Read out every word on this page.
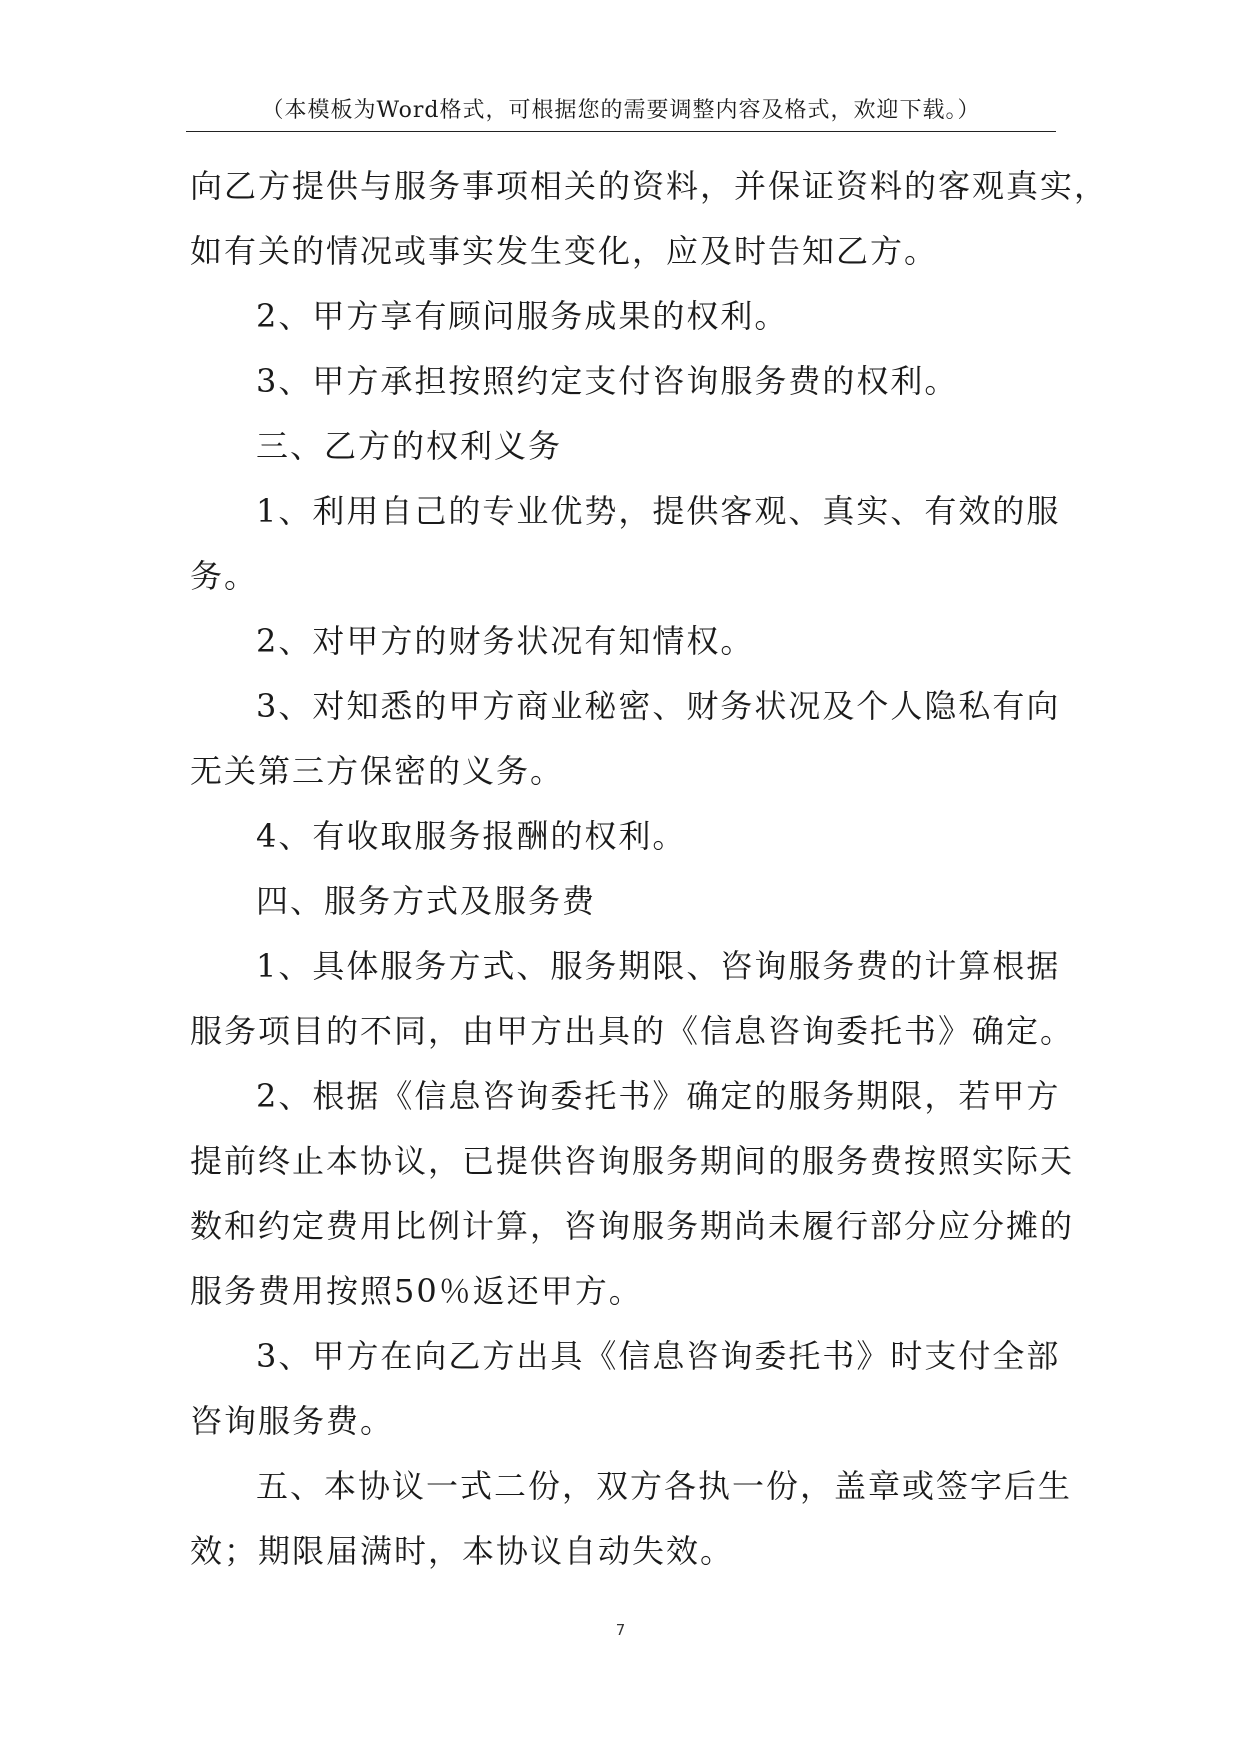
（本模板为Word格式，可根据您的需要调整内容及格式，欢迎下载。）
向乙方提供与服务事项相关的资料，并保证资料的客观真实，
如有关的情况或事实发生变化，应及时告知乙方。
2、甲方享有顾问服务成果的权利。
3、甲方承担按照约定支付咨询服务费的权利。
三、乙方的权利义务
1、利用自己的专业优势，提供客观、真实、有效的服
务。
2、对甲方的财务状况有知情权。
3、对知悉的甲方商业秘密、财务状况及个人隐私有向
无关第三方保密的义务。
4、有收取服务报酬的权利。
四、服务方式及服务费
1、具体服务方式、服务期限、咨询服务费的计算根据
服务项目的不同，由甲方出具的《信息咨询委托书》确定。
2、根据《信息咨询委托书》确定的服务期限，若甲方
提前终止本协议，已提供咨询服务期间的服务费按照实际天
数和约定费用比例计算，咨询服务期尚未履行部分应分摊的
服务费用按照50％返还甲方。
3、甲方在向乙方出具《信息咨询委托书》时支付全部
咨询服务费。
五、本协议一式二份，双方各执一份，盖章或签字后生
效；期限届满时，本协议自动失效。
7
